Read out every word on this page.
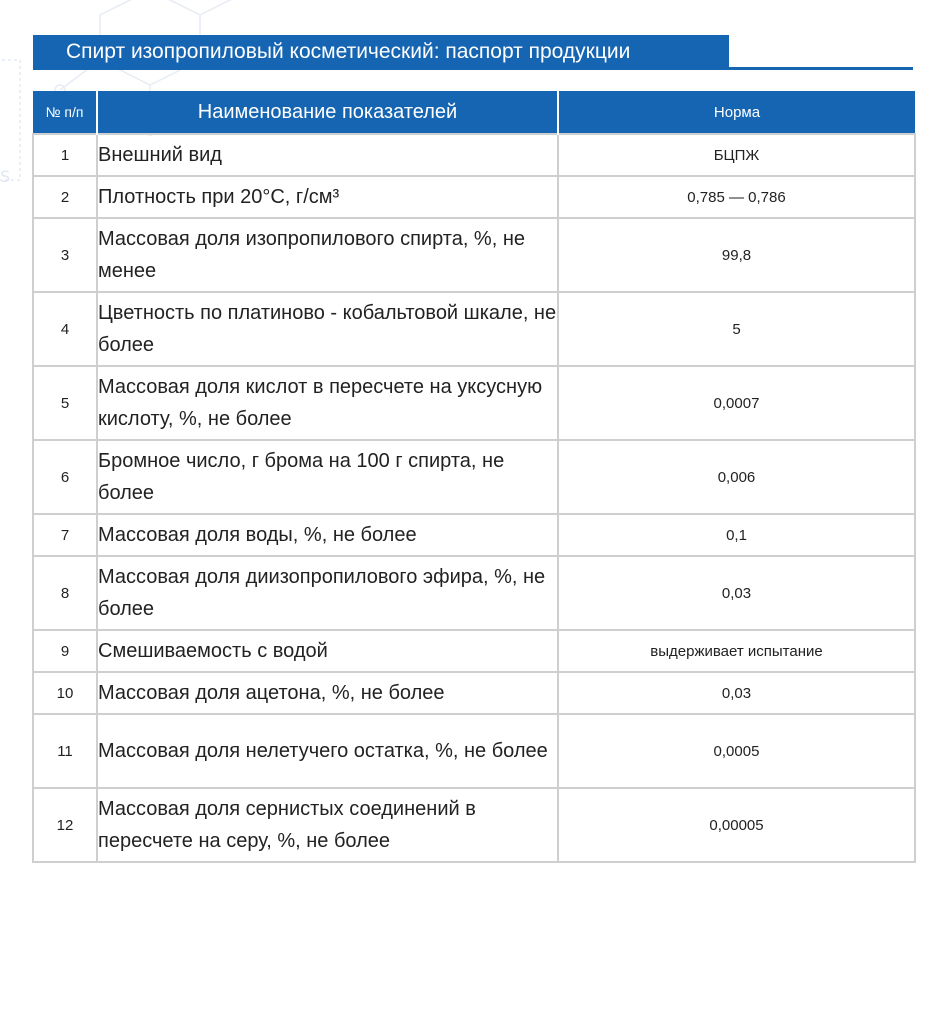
S
Спирт изопропиловый косметический: паспорт продукции
№ п/п	Наименование показателей	Норма
1	Внешний вид	БЦПЖ
2	Плотность при 20°С, г/см³	0,785 — 0,786
3	Массовая доля изопропилового спирта, %, не менее	99,8
4	Цветность по платиново - кобальтовой шкале, не более	5
5	Массовая доля кислот в пересчете на уксусную кислоту, %, не более	0,0007
6	Бромное число, г брома на 100 г спирта, не более	0,006
7	Массовая доля воды, %, не более	0,1
8	Массовая доля диизопропилового эфира, %, не более	0,03
9	Смешиваемость с водой	выдерживает испытание
10	Массовая доля ацетона, %, не более	0,03
11	Массовая доля нелетучего остатка, %, не более	0,0005
12	Массовая доля сернистых соединений в пересчете на серу, %, не более	0,00005
